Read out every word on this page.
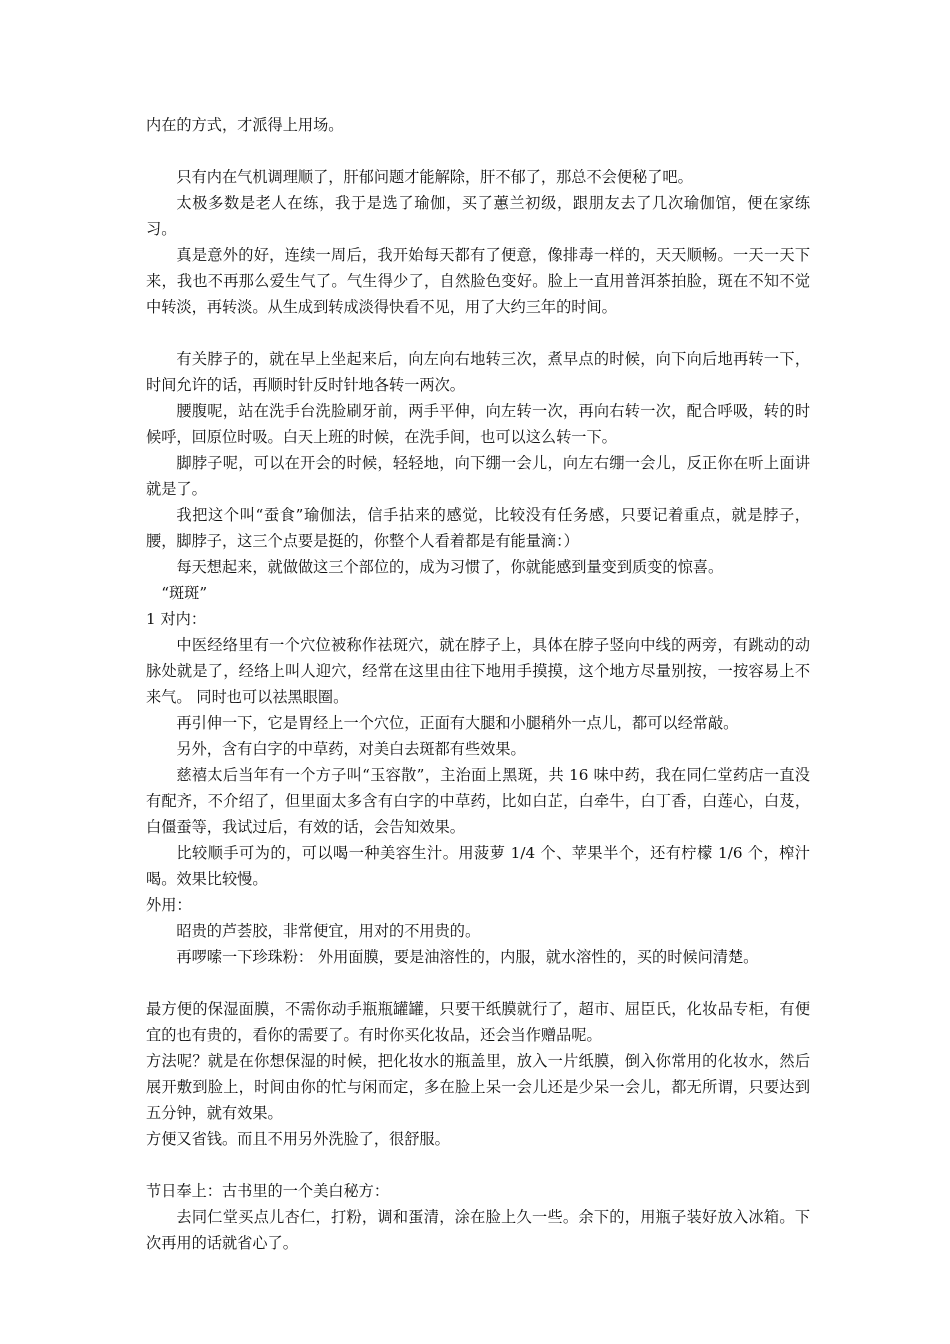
内在的方式，才派得上用场。

只有内在气机调理顺了，肝郁问题才能解除，肝不郁了，那总不会便秘了吧。

太极多数是老人在练，我于是选了瑜伽，买了蕙兰初级，跟朋友去了几次瑜伽馆，便在家练习。

真是意外的好，连续一周后，我开始每天都有了便意，像排毒一样的，天天顺畅。一天一天下来，我也不再那么爱生气了。气生得少了，自然脸色变好。脸上一直用普洱茶拍脸，斑在不知不觉中转淡，再转淡。从生成到转成淡得快看不见，用了大约三年的时间。

有关脖子的，就在早上坐起来后，向左向右地转三次，煮早点的时候，向下向后地再转一下，时间允许的话，再顺时针反时针地各转一两次。

腰腹呢，站在洗手台洗脸刷牙前，两手平伸，向左转一次，再向右转一次，配合呼吸，转的时候呼，回原位时吸。白天上班的时候，在洗手间，也可以这么转一下。

脚脖子呢，可以在开会的时候，轻轻地，向下绷一会儿，向左右绷一会儿，反正你在听上面讲就是了。

我把这个叫“蚕食”瑜伽法，信手拈来的感觉，比较没有任务感，只要记着重点，就是脖子，腰，脚脖子，这三个点要是挺的，你整个人看着都是有能量滴：）

每天想起来，就做做这三个部位的，成为习惯了，你就能感到量变到质变的惊喜。

“斑斑”

1 对内：

中医经络里有一个穴位被称作祛斑穴，就在脖子上，具体在脖子竖向中线的两旁，有跳动的动脉处就是了，经络上叫人迎穴，经常在这里由往下地用手摸摸，这个地方尽量别按，一按容易上不来气。 同时也可以祛黑眼圈。

再引伸一下，它是胃经上一个穴位，正面有大腿和小腿稍外一点儿，都可以经常敲。

另外，含有白字的中草药，对美白去斑都有些效果。

慈禧太后当年有一个方子叫“玉容散”，主治面上黑斑，共 16 味中药，我在同仁堂药店一直没有配齐，不介绍了，但里面太多含有白字的中草药，比如白芷，白牵牛，白丁香，白莲心，白芨，白僵蚕等，我试过后，有效的话，会告知效果。

比较顺手可为的，可以喝一种美容生汁。用菠萝 1/4 个、苹果半个，还有柠檬 1/6 个，榨汁喝。效果比较慢。

外用：

昭贵的芦荟胶，非常便宜，用对的不用贵的。

再啰嗦一下珍珠粉： 外用面膜，要是油溶性的，内服，就水溶性的，买的时候问清楚。

最方便的保湿面膜，不需你动手瓶瓶罐罐，只要干纸膜就行了，超市、屈臣氏，化妆品专柜，有便宜的也有贵的，看你的需要了。有时你买化妆品，还会当作赠品呢。

方法呢？就是在你想保湿的时候，把化妆水的瓶盖里，放入一片纸膜，倒入你常用的化妆水，然后展开敷到脸上，时间由你的忙与闲而定，多在脸上呆一会儿还是少呆一会儿，都无所谓，只要达到五分钟，就有效果。

方便又省钱。而且不用另外洗脸了，很舒服。

节日奉上：古书里的一个美白秘方：

去同仁堂买点儿杏仁，打粉，调和蛋清，涂在脸上久一些。余下的，用瓶子装好放入冰箱。下次再用的话就省心了。
